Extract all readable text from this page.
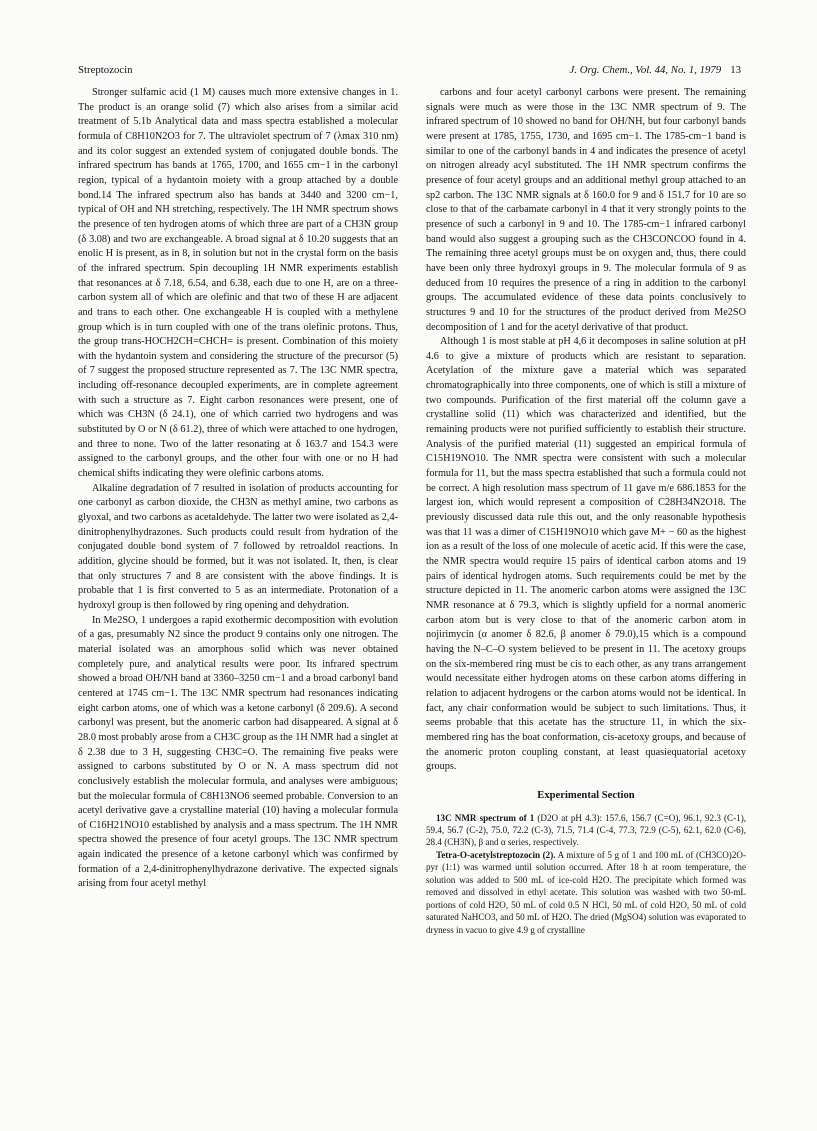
Streptozocin	J. Org. Chem., Vol. 44, No. 1, 1979 13

Stronger sulfamic acid (1 M) causes much more extensive changes in 1. The product is an orange solid (7) which also arises from a similar acid treatment of 5.1b Analytical data and mass spectra established a molecular formula of C8H10N2O3 for 7. The ultraviolet spectrum of 7 (λmax 310 nm) and its color suggest an extended system of conjugated double bonds. The infrared spectrum has bands at 1765, 1700, and 1655 cm−1 in the carbonyl region, typical of a hydantoin moiety with a group attached by a double bond.14 The infrared spectrum also has bands at 3440 and 3200 cm−1, typical of OH and NH stretching, respectively. The 1H NMR spectrum shows the presence of ten hydrogen atoms of which three are part of a CH3N group (δ 3.08) and two are exchangeable. A broad signal at δ 10.20 suggests that an enolic H is present, as in 8, in solution but not in the crystal form on the basis of the infrared spectrum. Spin decoupling 1H NMR experiments establish that resonances at δ 7.18, 6.54, and 6.38, each due to one H, are on a three-carbon system all of which are olefinic and that two of these H are adjacent and trans to each other. One exchangeable H is coupled with a methylene group which is in turn coupled with one of the trans olefinic protons. Thus, the group trans-HOCH2CH=CHCH= is present. Combination of this moiety with the hydantoin system and considering the structure of the precursor (5) of 7 suggest the proposed structure represented as 7. The 13C NMR spectra, including off-resonance decoupled experiments, are in complete agreement with such a structure as 7. Eight carbon resonances were present, one of which was CH3N (δ 24.1), one of which carried two hydrogens and was substituted by O or N (δ 61.2), three of which were attached to one hydrogen, and three to none. Two of the latter resonating at δ 163.7 and 154.3 were assigned to the carbonyl groups, and the other four with one or no H had chemical shifts indicating they were olefinic carbons atoms.

Alkaline degradation of 7 resulted in isolation of products accounting for one carbonyl as carbon dioxide, the CH3N as methyl amine, two carbons as glyoxal, and two carbons as acetaldehyde. The latter two were isolated as 2,4-dinitrophenylhydrazones. Such products could result from hydration of the conjugated double bond system of 7 followed by retroaldol reactions. In addition, glycine should be formed, but it was not isolated. It, then, is clear that only structures 7 and 8 are consistent with the above findings. It is probable that 1 is first converted to 5 as an intermediate. Protonation of a hydroxyl group is then followed by ring opening and dehydration.

In Me2SO, 1 undergoes a rapid exothermic decomposition with evolution of a gas, presumably N2 since the product 9 contains only one nitrogen. The material isolated was an amorphous solid which was never obtained completely pure, and analytical results were poor. Its infrared spectrum showed a broad OH/NH band at 3360–3250 cm−1 and a broad carbonyl band centered at 1745 cm−1. The 13C NMR spectrum had resonances indicating eight carbon atoms, one of which was a ketone carbonyl (δ 209.6). A second carbonyl was present, but the anomeric carbon had disappeared. A signal at δ 28.0 most probably arose from a CH3C group as the 1H NMR had a singlet at δ 2.38 due to 3 H, suggesting CH3C=O. The remaining five peaks were assigned to carbons substituted by O or N. A mass spectrum did not conclusively establish the molecular formula, and analyses were ambiguous; but the molecular formula of C8H13NO6 seemed probable. Conversion to an acetyl derivative gave a crystalline material (10) having a molecular formula of C16H21NO10 established by analysis and a mass spectrum. The 1H NMR spectra showed the presence of four acetyl groups. The 13C NMR spectrum again indicated the presence of a ketone carbonyl which was confirmed by formation of a 2,4-dinitrophenylhydrazone derivative. The expected signals arising from four acetyl methyl

carbons and four acetyl carbonyl carbons were present. The remaining signals were much as were those in the 13C NMR spectrum of 9. The infrared spectrum of 10 showed no band for OH/NH, but four carbonyl bands were present at 1785, 1755, 1730, and 1695 cm−1. The 1785-cm−1 band is similar to one of the carbonyl bands in 4 and indicates the presence of acetyl on nitrogen already acyl substituted. The 1H NMR spectrum confirms the presence of four acetyl groups and an additional methyl group attached to an sp2 carbon. The 13C NMR signals at δ 160.0 for 9 and δ 151.7 for 10 are so close to that of the carbamate carbonyl in 4 that it very strongly points to the presence of such a carbonyl in 9 and 10. The 1785-cm−1 infrared carbonyl band would also suggest a grouping such as the CH3CONCOO found in 4. The remaining three acetyl groups must be on oxygen and, thus, there could have been only three hydroxyl groups in 9. The molecular formula of 9 as deduced from 10 requires the presence of a ring in addition to the carbonyl groups. The accumulated evidence of these data points conclusively to structures 9 and 10 for the structures of the product derived from Me2SO decomposition of 1 and for the acetyl derivative of that product.

Although 1 is most stable at pH 4,6 it decomposes in saline solution at pH 4.6 to give a mixture of products which are resistant to separation. Acetylation of the mixture gave a material which was separated chromatographically into three components, one of which is still a mixture of two compounds. Purification of the first material off the column gave a crystalline solid (11) which was characterized and identified, but the remaining products were not purified sufficiently to establish their structure. Analysis of the purified material (11) suggested an empirical formula of C15H19NO10. The NMR spectra were consistent with such a molecular formula for 11, but the mass spectra established that such a formula could not be correct. A high resolution mass spectrum of 11 gave m/e 686.1853 for the largest ion, which would represent a composition of C28H34N2O18. The previously discussed data rule this out, and the only reasonable hypothesis was that 11 was a dimer of C15H19NO10 which gave M+ − 60 as the highest ion as a result of the loss of one molecule of acetic acid. If this were the case, the NMR spectra would require 15 pairs of identical carbon atoms and 19 pairs of identical hydrogen atoms. Such requirements could be met by the structure depicted in 11. The anomeric carbon atoms were assigned the 13C NMR resonance at δ 79.3, which is slightly upfield for a normal anomeric carbon atom but is very close to that of the anomeric carbon atom in nojirimycin (α anomer δ 82.6, β anomer δ 79.0),15 which is a compound having the N–C–O system believed to be present in 11. The acetoxy groups on the six-membered ring must be cis to each other, as any trans arrangement would necessitate either hydrogen atoms on these carbon atoms differing in relation to adjacent hydrogens or the carbon atoms would not be identical. In fact, any chair conformation would be subject to such limitations. Thus, it seems probable that this acetate has the structure 11, in which the six-membered ring has the boat conformation, cis-acetoxy groups, and because of the anomeric proton coupling constant, at least quasiequatorial acetoxy groups.

Experimental Section

13C NMR spectrum of 1 (D2O at pH 4.3): 157.6, 156.7 (C=O), 96.1, 92.3 (C-1), 59.4, 56.7 (C-2), 75.0, 72.2 (C-3), 71.5, 71.4 (C-4, 77.3, 72.9 (C-5), 62.1, 62.0 (C-6), 28.4 (CH3N), β and α series, respectively.

Tetra-O-acetylstreptozocin (2). A mixture of 5 g of 1 and 100 mL of (CH3CO)2O-pyr (1:1) was warmed until solution occurred. After 18 h at room temperature, the solution was added to 500 mL of ice-cold H2O. The precipitate which formed was removed and dissolved in ethyl acetate. This solution was washed with two 50-mL portions of cold H2O, 50 mL of cold 0.5 N HCl, 50 mL of cold H2O, 50 mL of cold saturated NaHCO3, and 50 mL of H2O. The dried (MgSO4) solution was evaporated to dryness in vacuo to give 4.9 g of crystalline
